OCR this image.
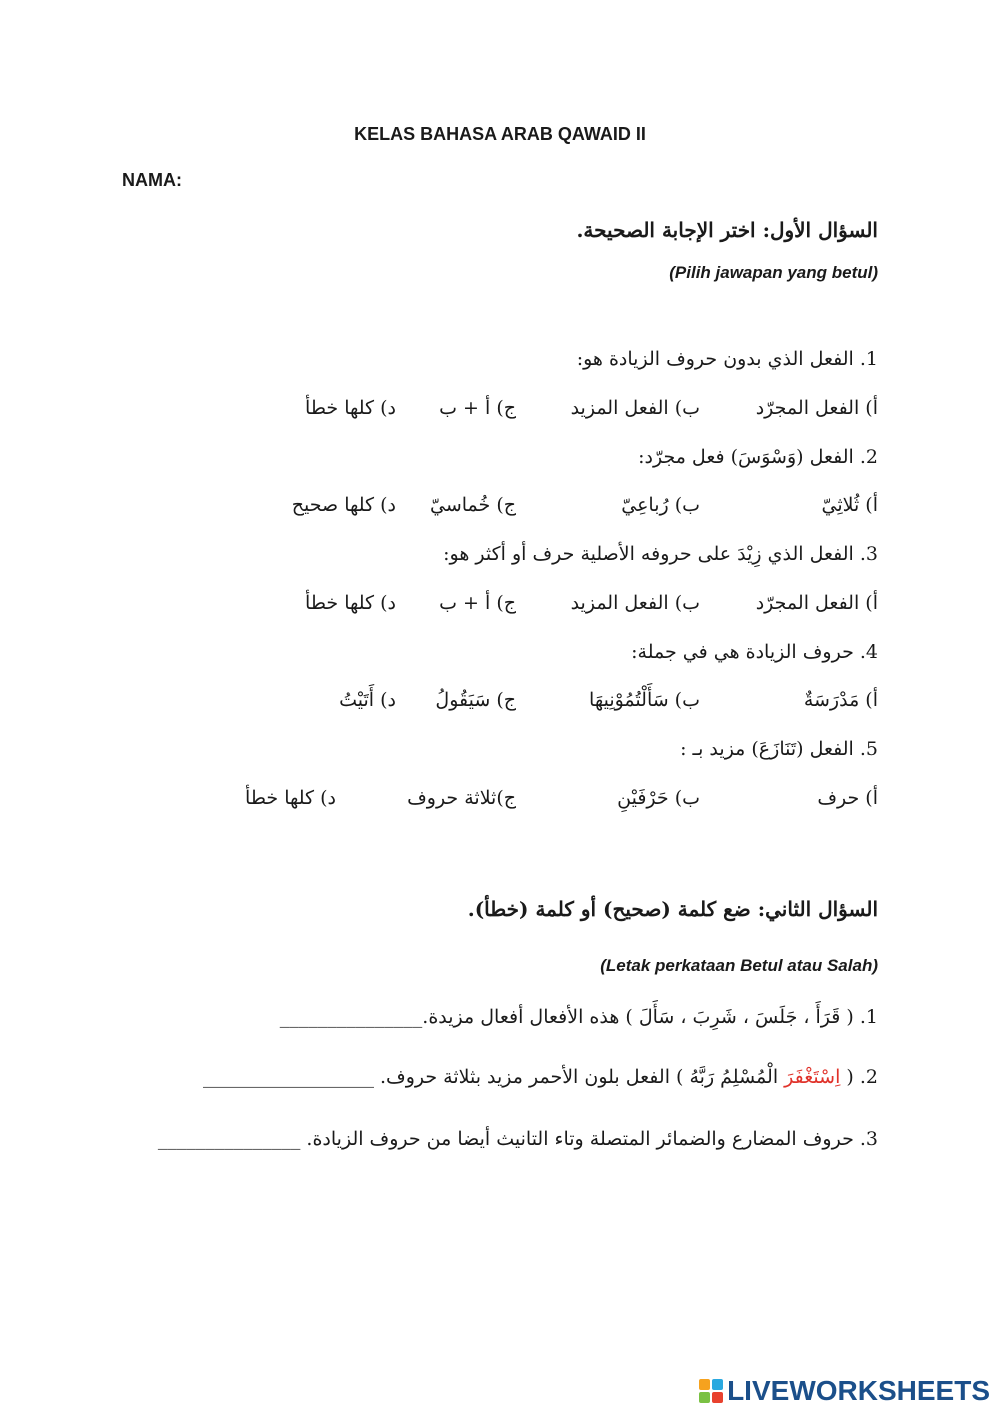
KELAS BAHASA ARAB QAWAID II
NAMA:
السؤال الأول: اختر الإجابة الصحيحة.
(Pilih jawapan yang betul)
1. الفعل الذي بدون حروف الزيادة هو:
أ) الفعل المجرّد
ب) الفعل المزيد
ج) أ + ب
د) كلها خطأ
2. الفعل (وَسْوَسَ) فعل مجرّد:
أ) ثُلاثِيّ
ب) رُباعِيّ
ج) خُماسيّ
د) كلها صحيح
3. الفعل الذي زِيْدَ على حروفه الأصلية حرف أو أكثر هو:
أ) الفعل المجرّد
ب) الفعل المزيد
ج) أ + ب
د) كلها خطأ
4. حروف الزيادة هي في جملة:
أ) مَدْرَسَةٌ
ب) سَأَلْتُمُوْنِيهَا
ج) سَيَقُولُ
د) أَتَيْتُ
5. الفعل (تَنَازَعَ) مزيد بـ :
أ) حرف
ب) حَرْفَيْنِ
ج)ثلاثة حروف
د) كلها خطأ
السؤال الثاني: ضع كلمة (صحيح) أو كلمة (خطأ).
(Letak perkataan Betul atau Salah)
1. ( قَرَأَ ، جَلَسَ ، شَرِبَ ، سَأَلَ ) هذه الأفعال أفعال مزيدة._______________
2. ( اِسْتَغْفَرَ الْمُسْلِمُ رَبَّهُ ) الفعل بلون الأحمر مزيد بثلاثة حروف. __________________
3. حروف المضارع والضمائر المتصلة وتاء التانيث أيضا من حروف الزيادة. _______________
LIVEWORKSHEETS
